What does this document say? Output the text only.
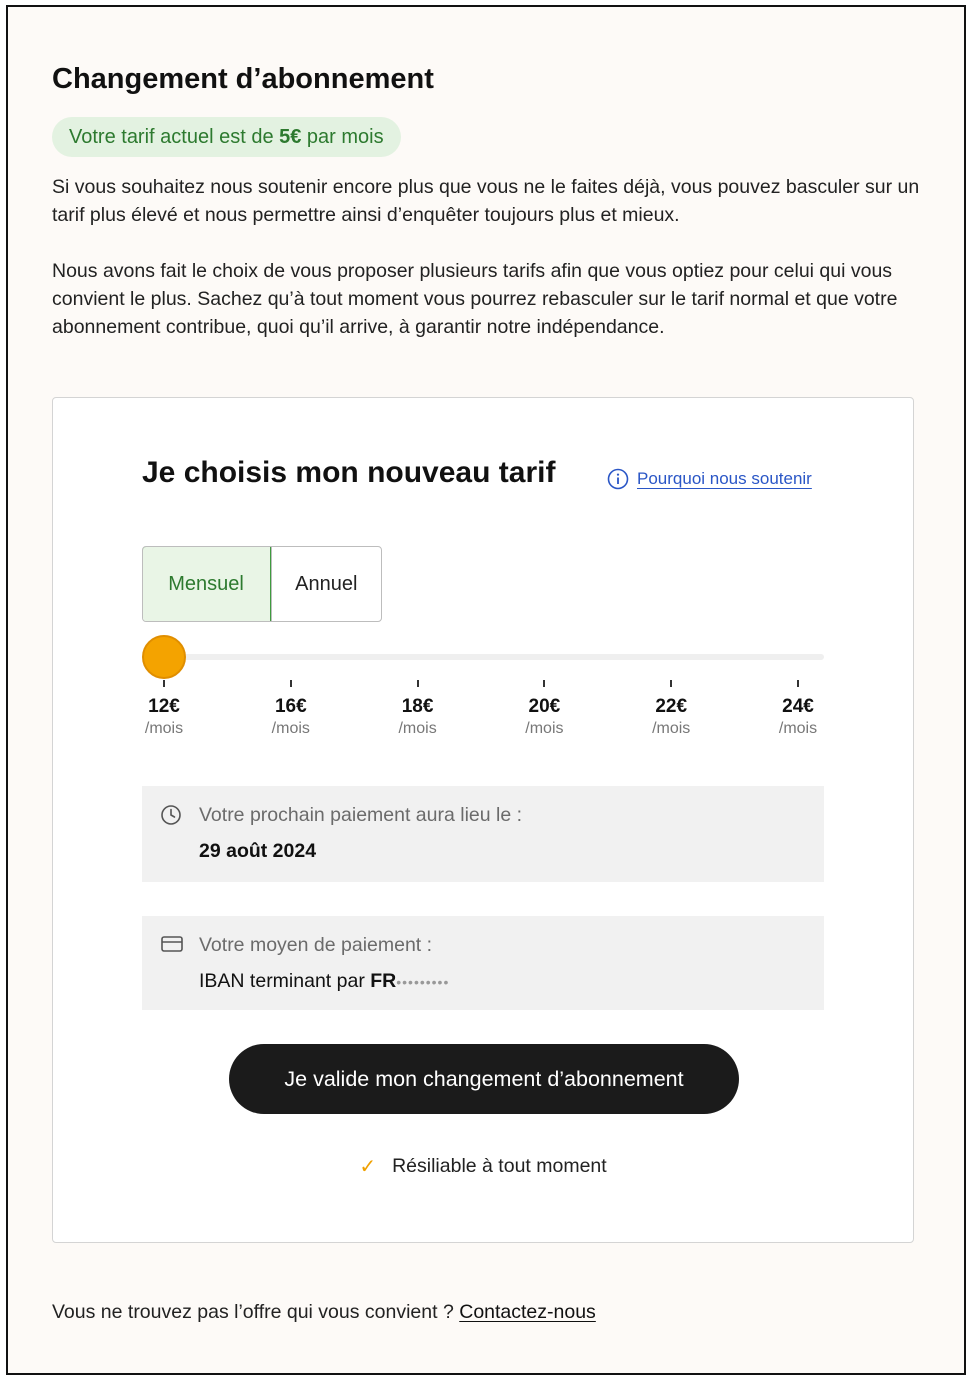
Changement d’abonnement
Votre tarif actuel est de 5€ par mois

Si vous souhaitez nous soutenir encore plus que vous ne le faites déjà, vous pouvez basculer sur un tarif plus élevé et nous permettre ainsi d’enquêter toujours plus et mieux.

Nous avons fait le choix de vous proposer plusieurs tarifs afin que vous optiez pour celui qui vous convient le plus. Sachez qu’à tout moment vous pourrez rebasculer sur le tarif normal et que votre abonnement contribue, quoi qu’il arrive, à garantir notre indépendance.

Je choisis mon nouveau tarif	Pourquoi nous soutenir
Mensuel	Annuel
12€
/mois
16€
/mois
18€
/mois
20€
/mois
22€
/mois
24€
/mois
Votre prochain paiement aura lieu le :
29 août 2024
Votre moyen de paiement :
IBAN terminant par FR•••••••••
Je valide mon changement d’abonnement
✓ Résiliable à tout moment

Vous ne trouvez pas l’offre qui vous convient ? Contactez-nous
